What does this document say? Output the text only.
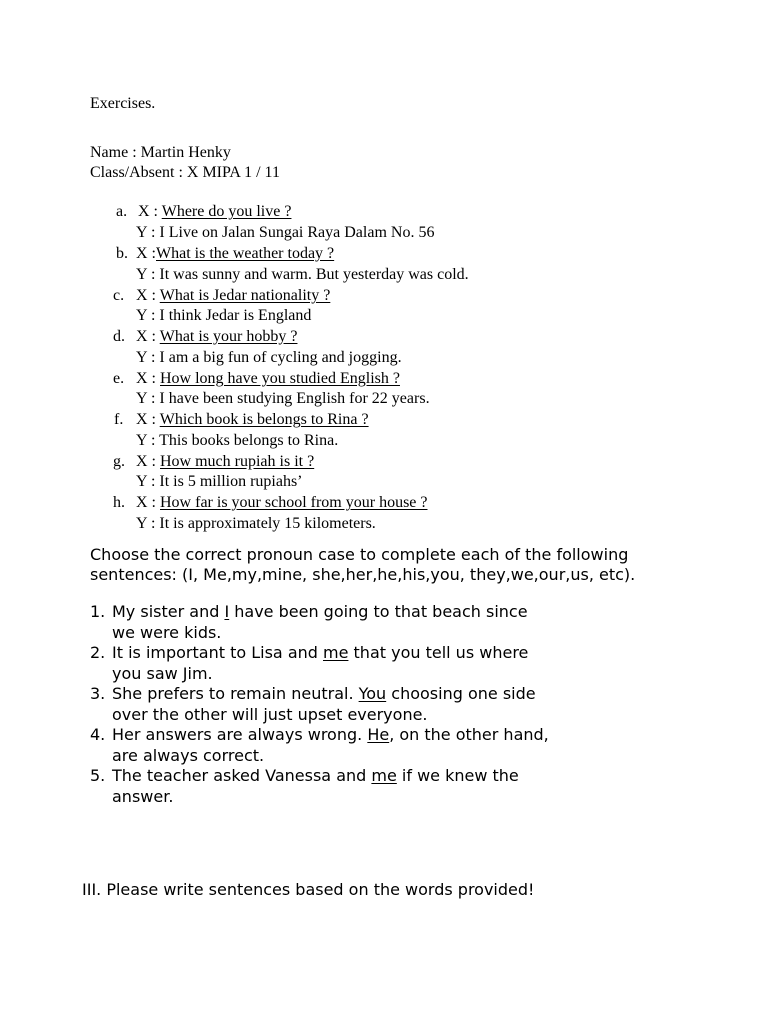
Exercises.
Name : Martin Henky
Class/Absent : X MIPA 1 / 11
a. X : Where do you live ?
Y : I Live on Jalan Sungai Raya Dalam No. 56
b. X :What is the weather today ?
Y : It was sunny and warm. But yesterday was cold.
c. X : What is Jedar nationality ?
Y : I think Jedar is England
d. X : What is your hobby ?
Y : I am a big fun of cycling and jogging.
e. X : How long have you studied English ?
Y : I have been studying English for 22 years.
f. X : Which book is belongs to Rina ?
Y : This books belongs to Rina.
g. X : How much rupiah is it ?
Y : It is 5 million rupiahs’
h. X : How far is your school from your house ?
Y : It is approximately 15 kilometers.
Choose the correct pronoun case to complete each of the following
sentences: (I, Me,my,mine, she,her,he,his,you, they,we,our,us, etc).
1. My sister and I have been going to that beach since
we were kids.
2. It is important to Lisa and me that you tell us where
you saw Jim.
3. She prefers to remain neutral. You choosing one side
over the other will just upset everyone.
4. Her answers are always wrong. He, on the other hand,
are always correct.
5. The teacher asked Vanessa and me if we knew the
answer.
III. Please write sentences based on the words provided!
